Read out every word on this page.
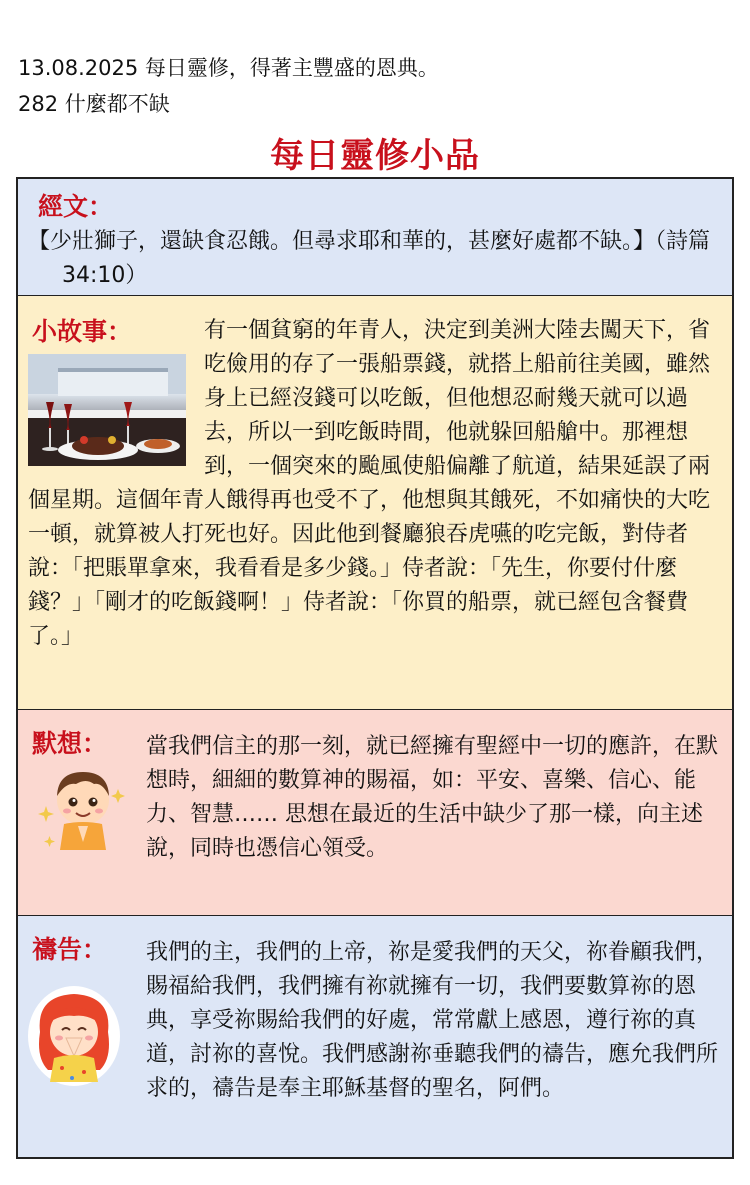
13.08.2025 每日靈修，得著主豐盛的恩典。
282 什麼都不缺
每日靈修小品
經文：
【少壯獅子，還缺食忍餓。但尋求耶和華的，甚麼好處都不缺。】（詩篇 34:10）
小故事：	有一個貧窮的年青人，決定到美洲大陸去闖天下，省吃儉用的存了一張船票錢，就搭上船前往美國，雖然身上已經沒錢可以吃飯，但他想忍耐幾天就可以過去，所以一到吃飯時間，他就躲回船艙中。那裡想到，一個突來的颱風使船偏離了航道，結果延誤了兩個星期。這個年青人餓得再也受不了，他想與其餓死，不如痛快的大吃一頓，就算被人打死也好。因此他到餐廳狼吞虎嚥的吃完飯，對侍者說：「把賬單拿來，我看看是多少錢。」侍者說：「先生，你要付什麼錢？」「剛才的吃飯錢啊！」侍者說：「你買的船票，就已經包含餐費了。」
默想： 當我們信主的那一刻，就已經擁有聖經中一切的應許，在默想時，細細的數算神的賜福，如：平安、喜樂、信心、能力、智慧…… 思想在最近的生活中缺少了那一樣，向主述說，同時也憑信心領受。
禱告： 我們的主，我們的上帝，祢是愛我們的天父，祢眷顧我們，賜福給我們，我們擁有祢就擁有一切，我們要數算祢的恩典，享受祢賜給我們的好處，常常獻上感恩，遵行祢的真道，討祢的喜悅。我們感謝祢垂聽我們的禱告，應允我們所求的，禱告是奉主耶穌基督的聖名，阿們。
